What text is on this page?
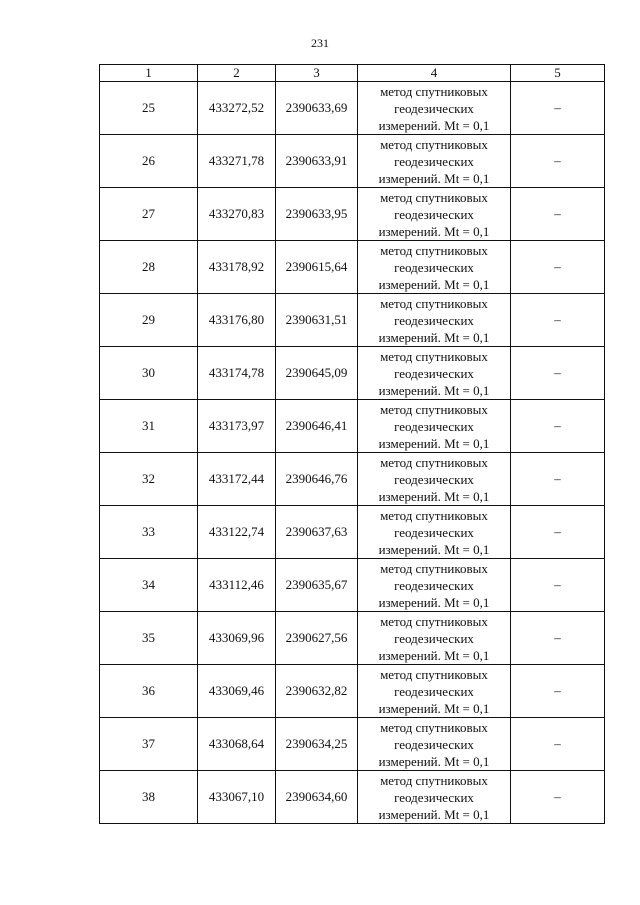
231
1	2	3	4	5
25	433272,52	2390633,69	метод спутниковых
геодезических
измерений. Mt = 0,1	–
26	433271,78	2390633,91	метод спутниковых
геодезических
измерений. Mt = 0,1	–
27	433270,83	2390633,95	метод спутниковых
геодезических
измерений. Mt = 0,1	–
28	433178,92	2390615,64	метод спутниковых
геодезических
измерений. Mt = 0,1	–
29	433176,80	2390631,51	метод спутниковых
геодезических
измерений. Mt = 0,1	–
30	433174,78	2390645,09	метод спутниковых
геодезических
измерений. Mt = 0,1	–
31	433173,97	2390646,41	метод спутниковых
геодезических
измерений. Mt = 0,1	–
32	433172,44	2390646,76	метод спутниковых
геодезических
измерений. Mt = 0,1	–
33	433122,74	2390637,63	метод спутниковых
геодезических
измерений. Mt = 0,1	–
34	433112,46	2390635,67	метод спутниковых
геодезических
измерений. Mt = 0,1	–
35	433069,96	2390627,56	метод спутниковых
геодезических
измерений. Mt = 0,1	–
36	433069,46	2390632,82	метод спутниковых
геодезических
измерений. Mt = 0,1	–
37	433068,64	2390634,25	метод спутниковых
геодезических
измерений. Mt = 0,1	–
38	433067,10	2390634,60	метод спутниковых
геодезических
измерений. Mt = 0,1	–
